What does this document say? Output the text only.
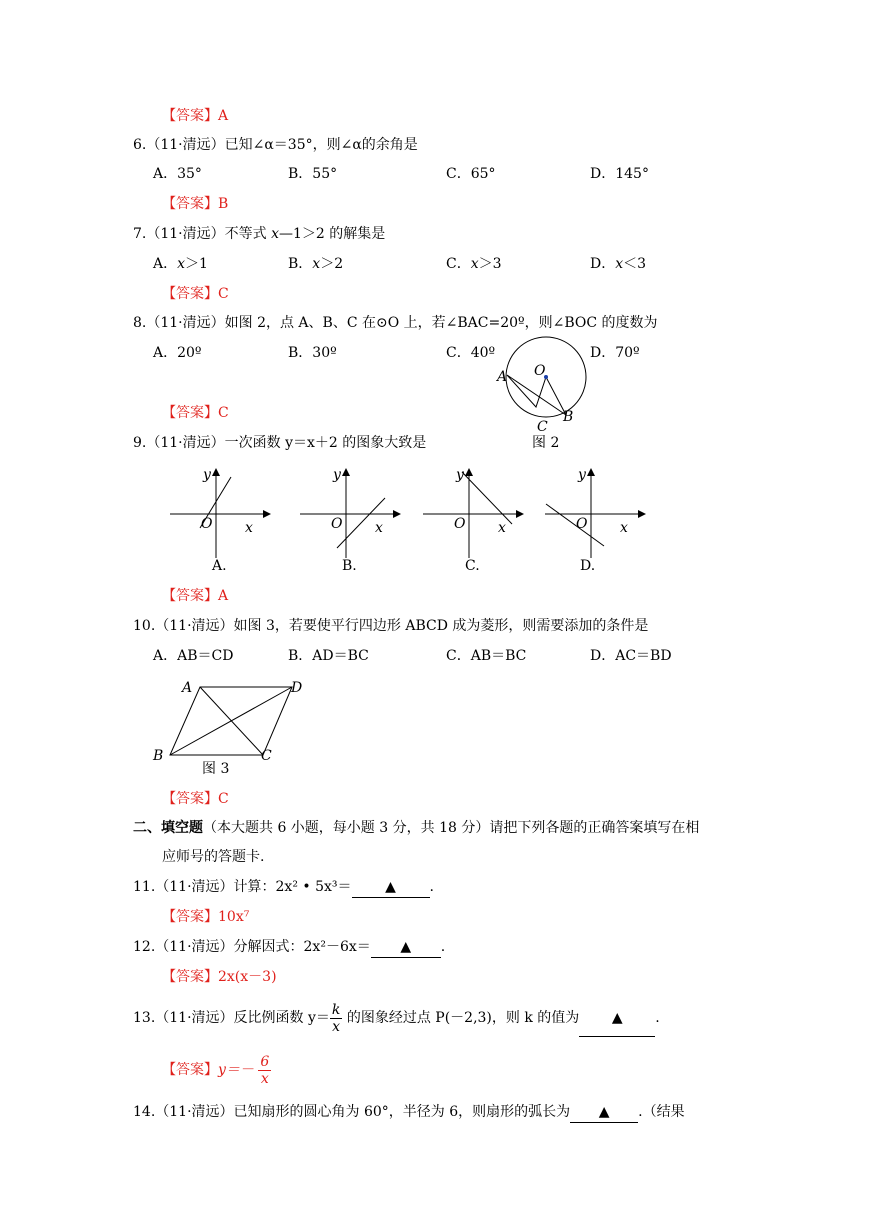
【答案】A
6.（11·清远）已知∠α＝35°，则∠α的余角是
A．35°	B．55°	C．65°	D．145°
【答案】B
7.（11·清远）不等式 x—1＞2 的解集是
A．x＞1	B．x＞2	C．x＞3	D．x＜3
【答案】C
8.（11·清远）如图 2，点 A、B、C 在⊙O 上，若∠BAC=20º，则∠BOC 的度数为
A．20º	B．30º	C．40º	D．70º
A O
B
C
【答案】C
9.（11·清远）一次函数 y＝x＋2 的图象大致是	图 2
y
O x
A.
y
O x
B.
y
O x
C.
y
O x
D.
【答案】A
10.（11·清远）如图 3，若要使平行四边形 ABCD 成为菱形，则需要添加的条件是
A．AB＝CD	B．AD＝BC	C．AB＝BC	D．AC＝BD
A	D
B	C
图 3
【答案】C
二、填空题（本大题共 6 小题，每小题 3 分，共 18 分）请把下列各题的正确答案填写在相
应师号的答题卡.
11.（11·清远）计算：2x² • 5x³＝ ▲ .
【答案】10x⁷
12.（11·清远）分解因式：2x²－6x＝ ▲ .
【答案】2x(x－3)
13.（11·清远）反比例函数 $y= \frac{k}{x}$ 的图象经过点 P(－2,3)，则 k 的值为 ▲ .
【答案】$y=- \frac{6}{x}$
14.（11·清远）已知扇形的圆心角为 60°，半径为 6，则扇形的弧长为 ▲ .（结果
